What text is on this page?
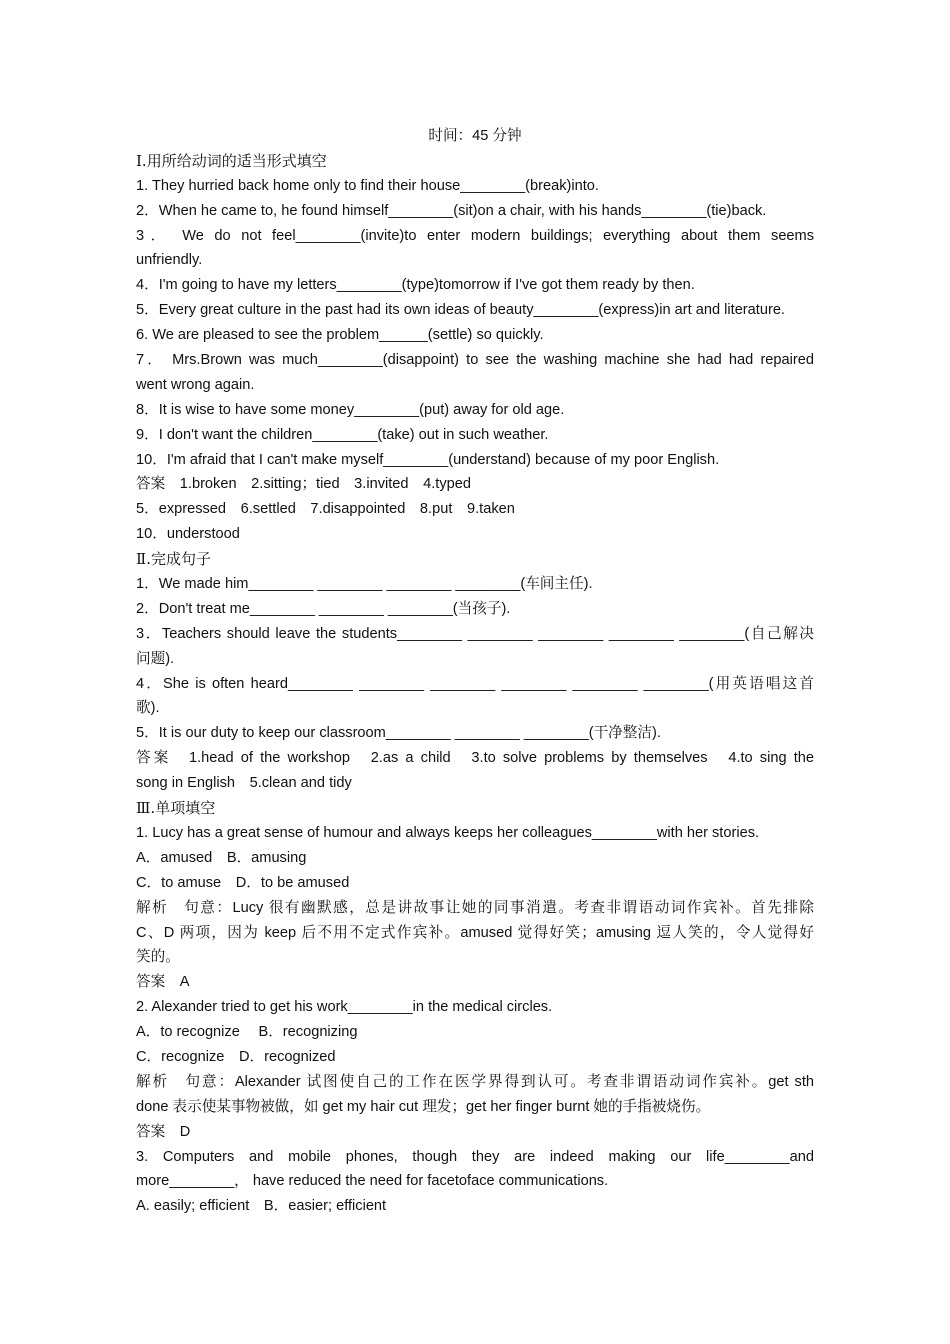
时间：45 分钟
Ⅰ.用所给动词的适当形式填空
1. They hurried back home only to find their house________(break)into.
2．When he came to, he found himself________(sit)on a chair, with his hands________(tie)back.
3． We do not feel________(invite)to enter modern buildings; everything about them seems
unfriendly.
4．I'm going to have my letters________(type)tomorrow if I've got them ready by then.
5．Every great culture in the past had its own ideas of beauty________(express)in art and literature.
6. We are pleased to see the problem______(settle) so quickly.
7． Mrs.Brown was much________(disappoint) to see the washing machine she had had repaired
went wrong again.
8．It is wise to have some money________(put) away for old age.
9．I don't want the children________(take) out in such weather.
10．I'm afraid that I can't make myself________(understand) because of my poor English.
答案　1.broken　2.sitting；tied　3.invited　4.typed
5．expressed　6.settled　7.disappointed　8.put　9.taken
10．understood
Ⅱ.完成句子
1．We made him________ ________ ________ ________(车间主任).
2．Don't treat me________ ________ ________(当孩子).
3．Teachers should leave the students________ ________ ________ ________ ________(自己解决
问题).
4．She is often heard________ ________ ________ ________ ________ ________(用英语唱这首
歌).
5．It is our duty to keep our classroom________ ________ ________(干净整洁).
答案　1.head of the workshop　2.as a child　3.to solve problems by themselves　4.to sing the
song in English　5.clean and tidy
Ⅲ.单项填空
1. Lucy has a great sense of humour and always keeps her colleagues________with her stories.
A．amused　B．amusing
C．to amuse　D．to be amused
解析　句意：Lucy 很有幽默感，总是讲故事让她的同事消遣。考查非谓语动词作宾补。首先排除
C、D 两项，因为 keep 后不用不定式作宾补。amused 觉得好笑；amusing 逗人笑的，令人觉得好
笑的。
答案　A
2. Alexander tried to get his work________in the medical circles.
A．to recognize　 B．recognizing
C．recognize　D．recognized
解析　句意：Alexander 试图使自己的工作在医学界得到认可。考查非谓语动词作宾补。get sth
done 表示使某事物被做，如 get my hair cut 理发；get her finger burnt 她的手指被烧伤。
答案　D
3. Computers and mobile phones, though they are indeed making our life________and
more________， have reduced the need for facetoface communications.
A. easily; efficient　B．easier; efficient
